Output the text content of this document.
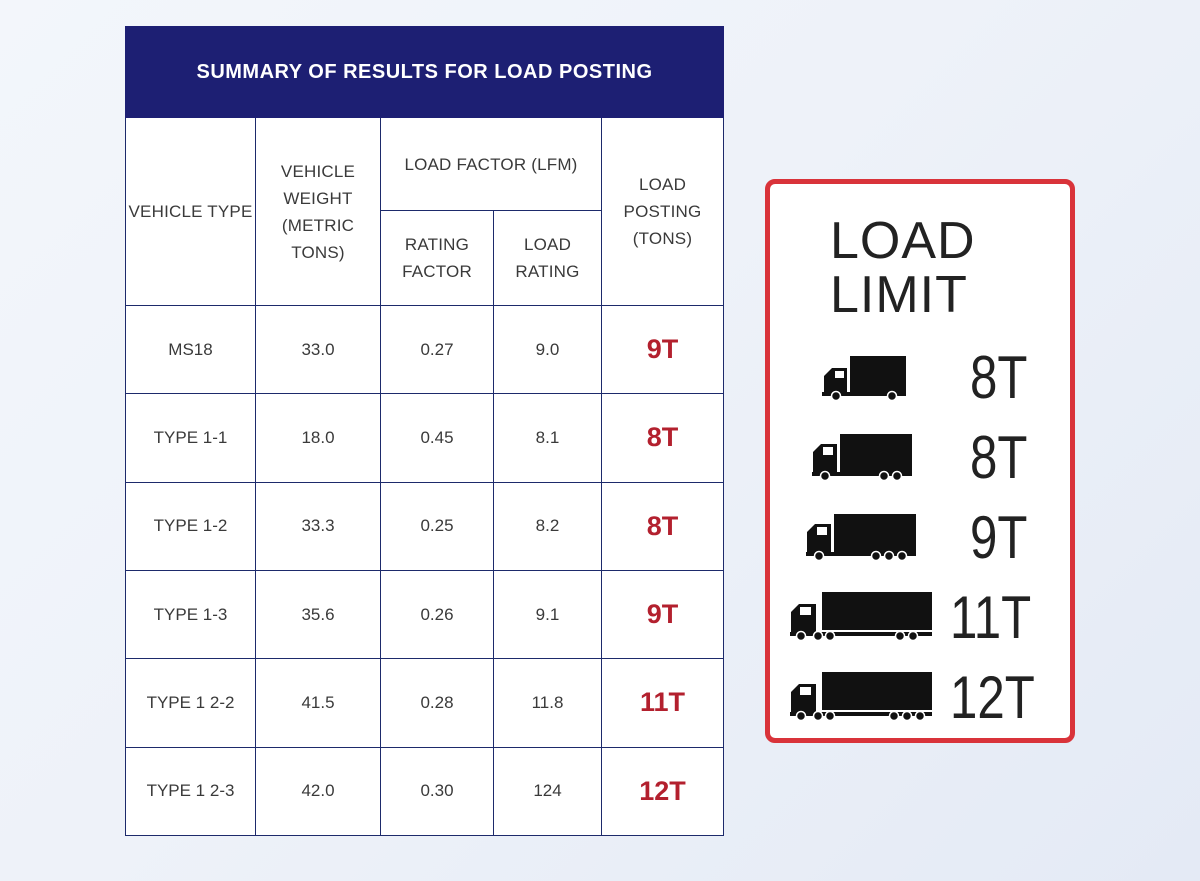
SUMMARY OF RESULTS FOR LOAD POSTING				
VEHICLE TYPE	VEHICLE WEIGHT (METRIC TONS)	LOAD FACTOR (LFM)		LOAD POSTING (TONS)
		RATING FACTOR	LOAD RATING	
MS18	33.0	0.27	9.0	9T
TYPE 1-1	18.0	0.45	8.1	8T
TYPE 1-2	33.3	0.25	8.2	8T
TYPE 1-3	35.6	0.26	9.1	9T
TYPE 1 2-2	41.5	0.28	11.8	11T
TYPE 1 2-3	42.0	0.30	124	12T
LOAD
LIMIT
8T
8T
9T
11T
12T
